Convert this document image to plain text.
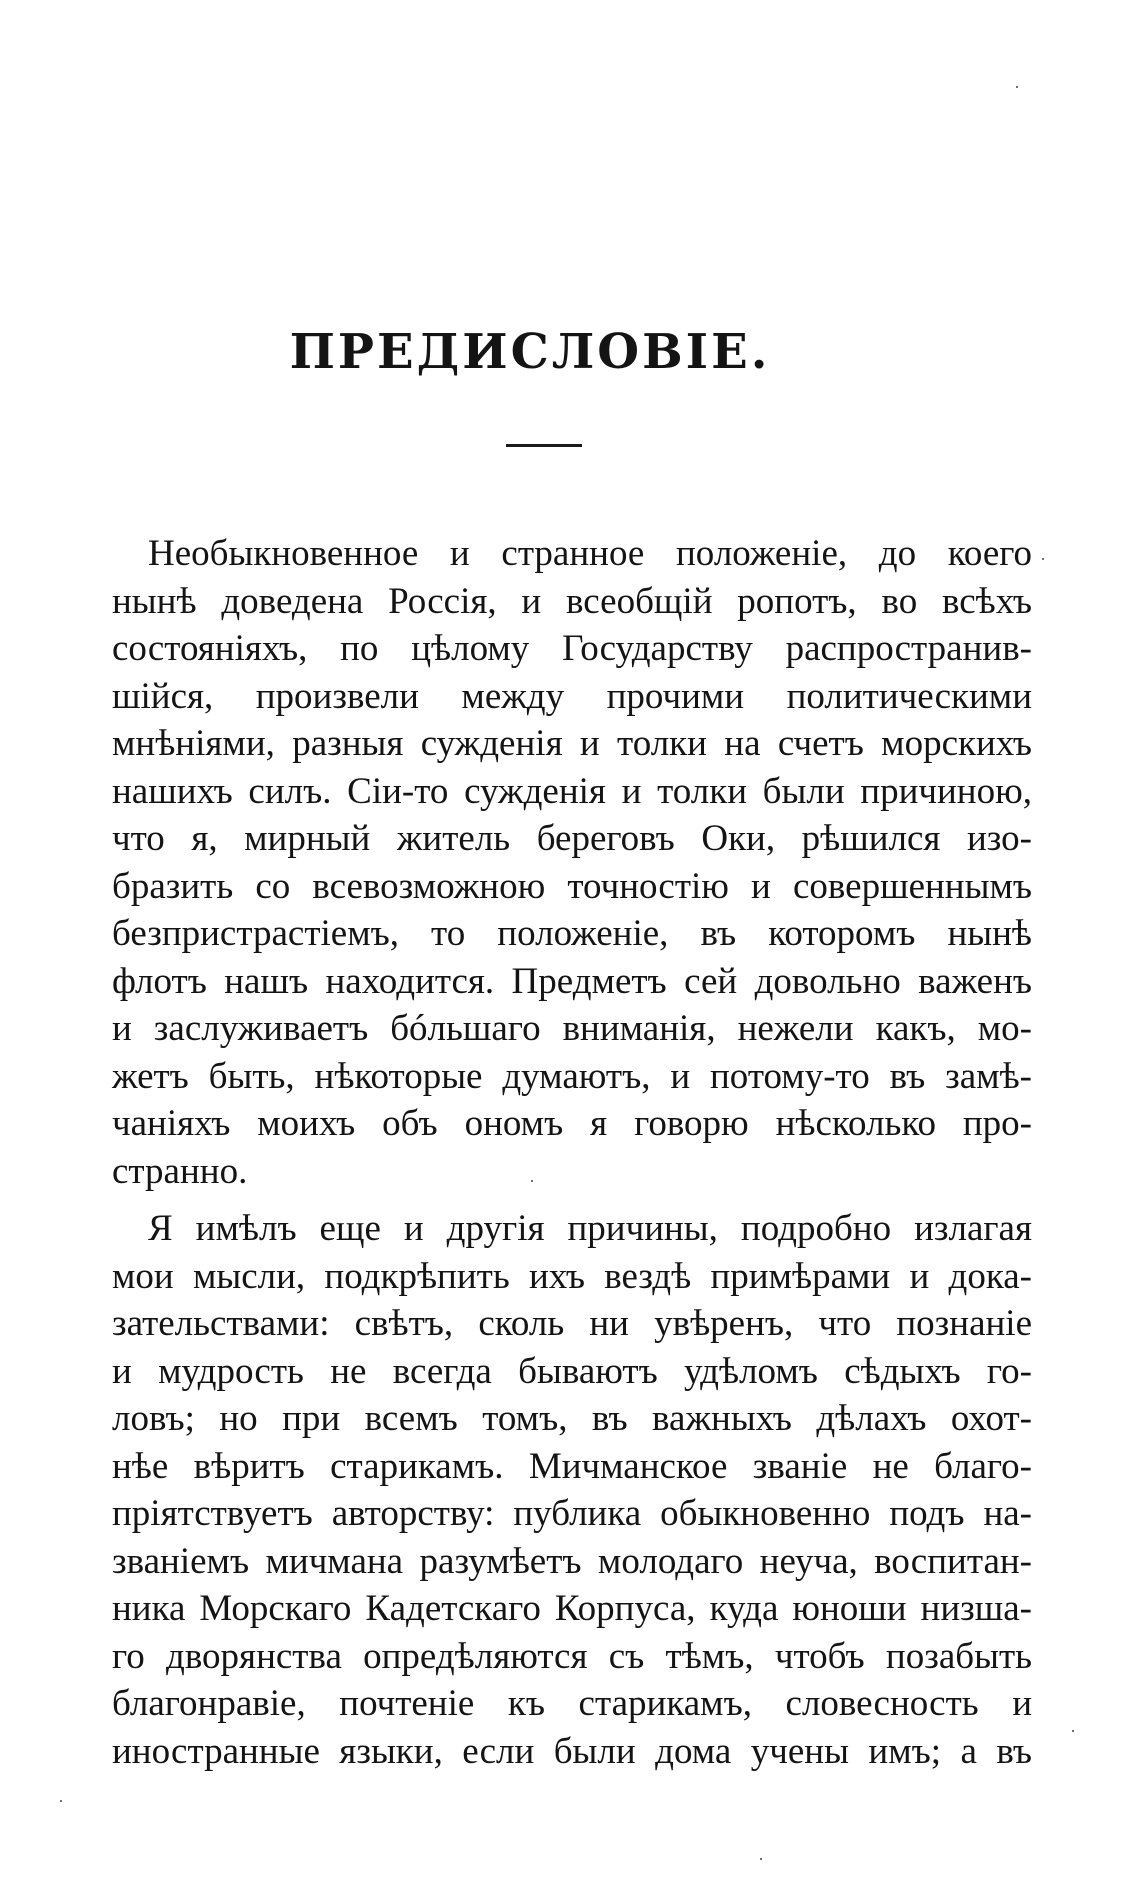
ПРЕДИСЛОВІЕ.
Необыкновенное и странное положеніе, до коего
нынѣ доведена Россія, и всеобщій ропотъ, во всѣхъ
состояніяхъ, по цѣлому Государству распространив-
шійся, произвели между прочими политическими
мнѣніями, разныя сужденія и толки на счетъ морскихъ
нашихъ силъ. Сіи-то сужденія и толки были причиною,
что я, мирный житель береговъ Оки, рѣшился изо-
бразить со всевозможною точностію и совершеннымъ
безпристрастіемъ, то положеніе, въ которомъ нынѣ
флотъ нашъ находится. Предметъ сей довольно важенъ
и заслуживаетъ бóльшаго вниманія, нежели какъ, мо-
жетъ быть, нѣкоторые думаютъ, и потому-то въ замѣ-
чаніяхъ моихъ объ ономъ я говорю нѣсколько про-
странно.
Я имѣлъ еще и другія причины, подробно излагая
мои мысли, подкрѣпить ихъ вездѣ примѣрами и дока-
зательствами: свѣтъ, сколь ни увѣренъ, что познаніе
и мудрость не всегда бываютъ удѣломъ сѣдыхъ го-
ловъ; но при всемъ томъ, въ важныхъ дѣлахъ охот-
нѣе вѣритъ старикамъ. Мичманское званіе не благо-
пріятствуетъ авторству: публика обыкновенно подъ на-
званіемъ мичмана разумѣетъ молодаго неуча, воспитан-
ника Морскаго Кадетскаго Корпуса, куда юноши низша-
го дворянства опредѣляются съ тѣмъ, чтобъ позабыть
благонравіе, почтеніе къ старикамъ, словесность и
иностранные языки, если были дома учены имъ; а въ
